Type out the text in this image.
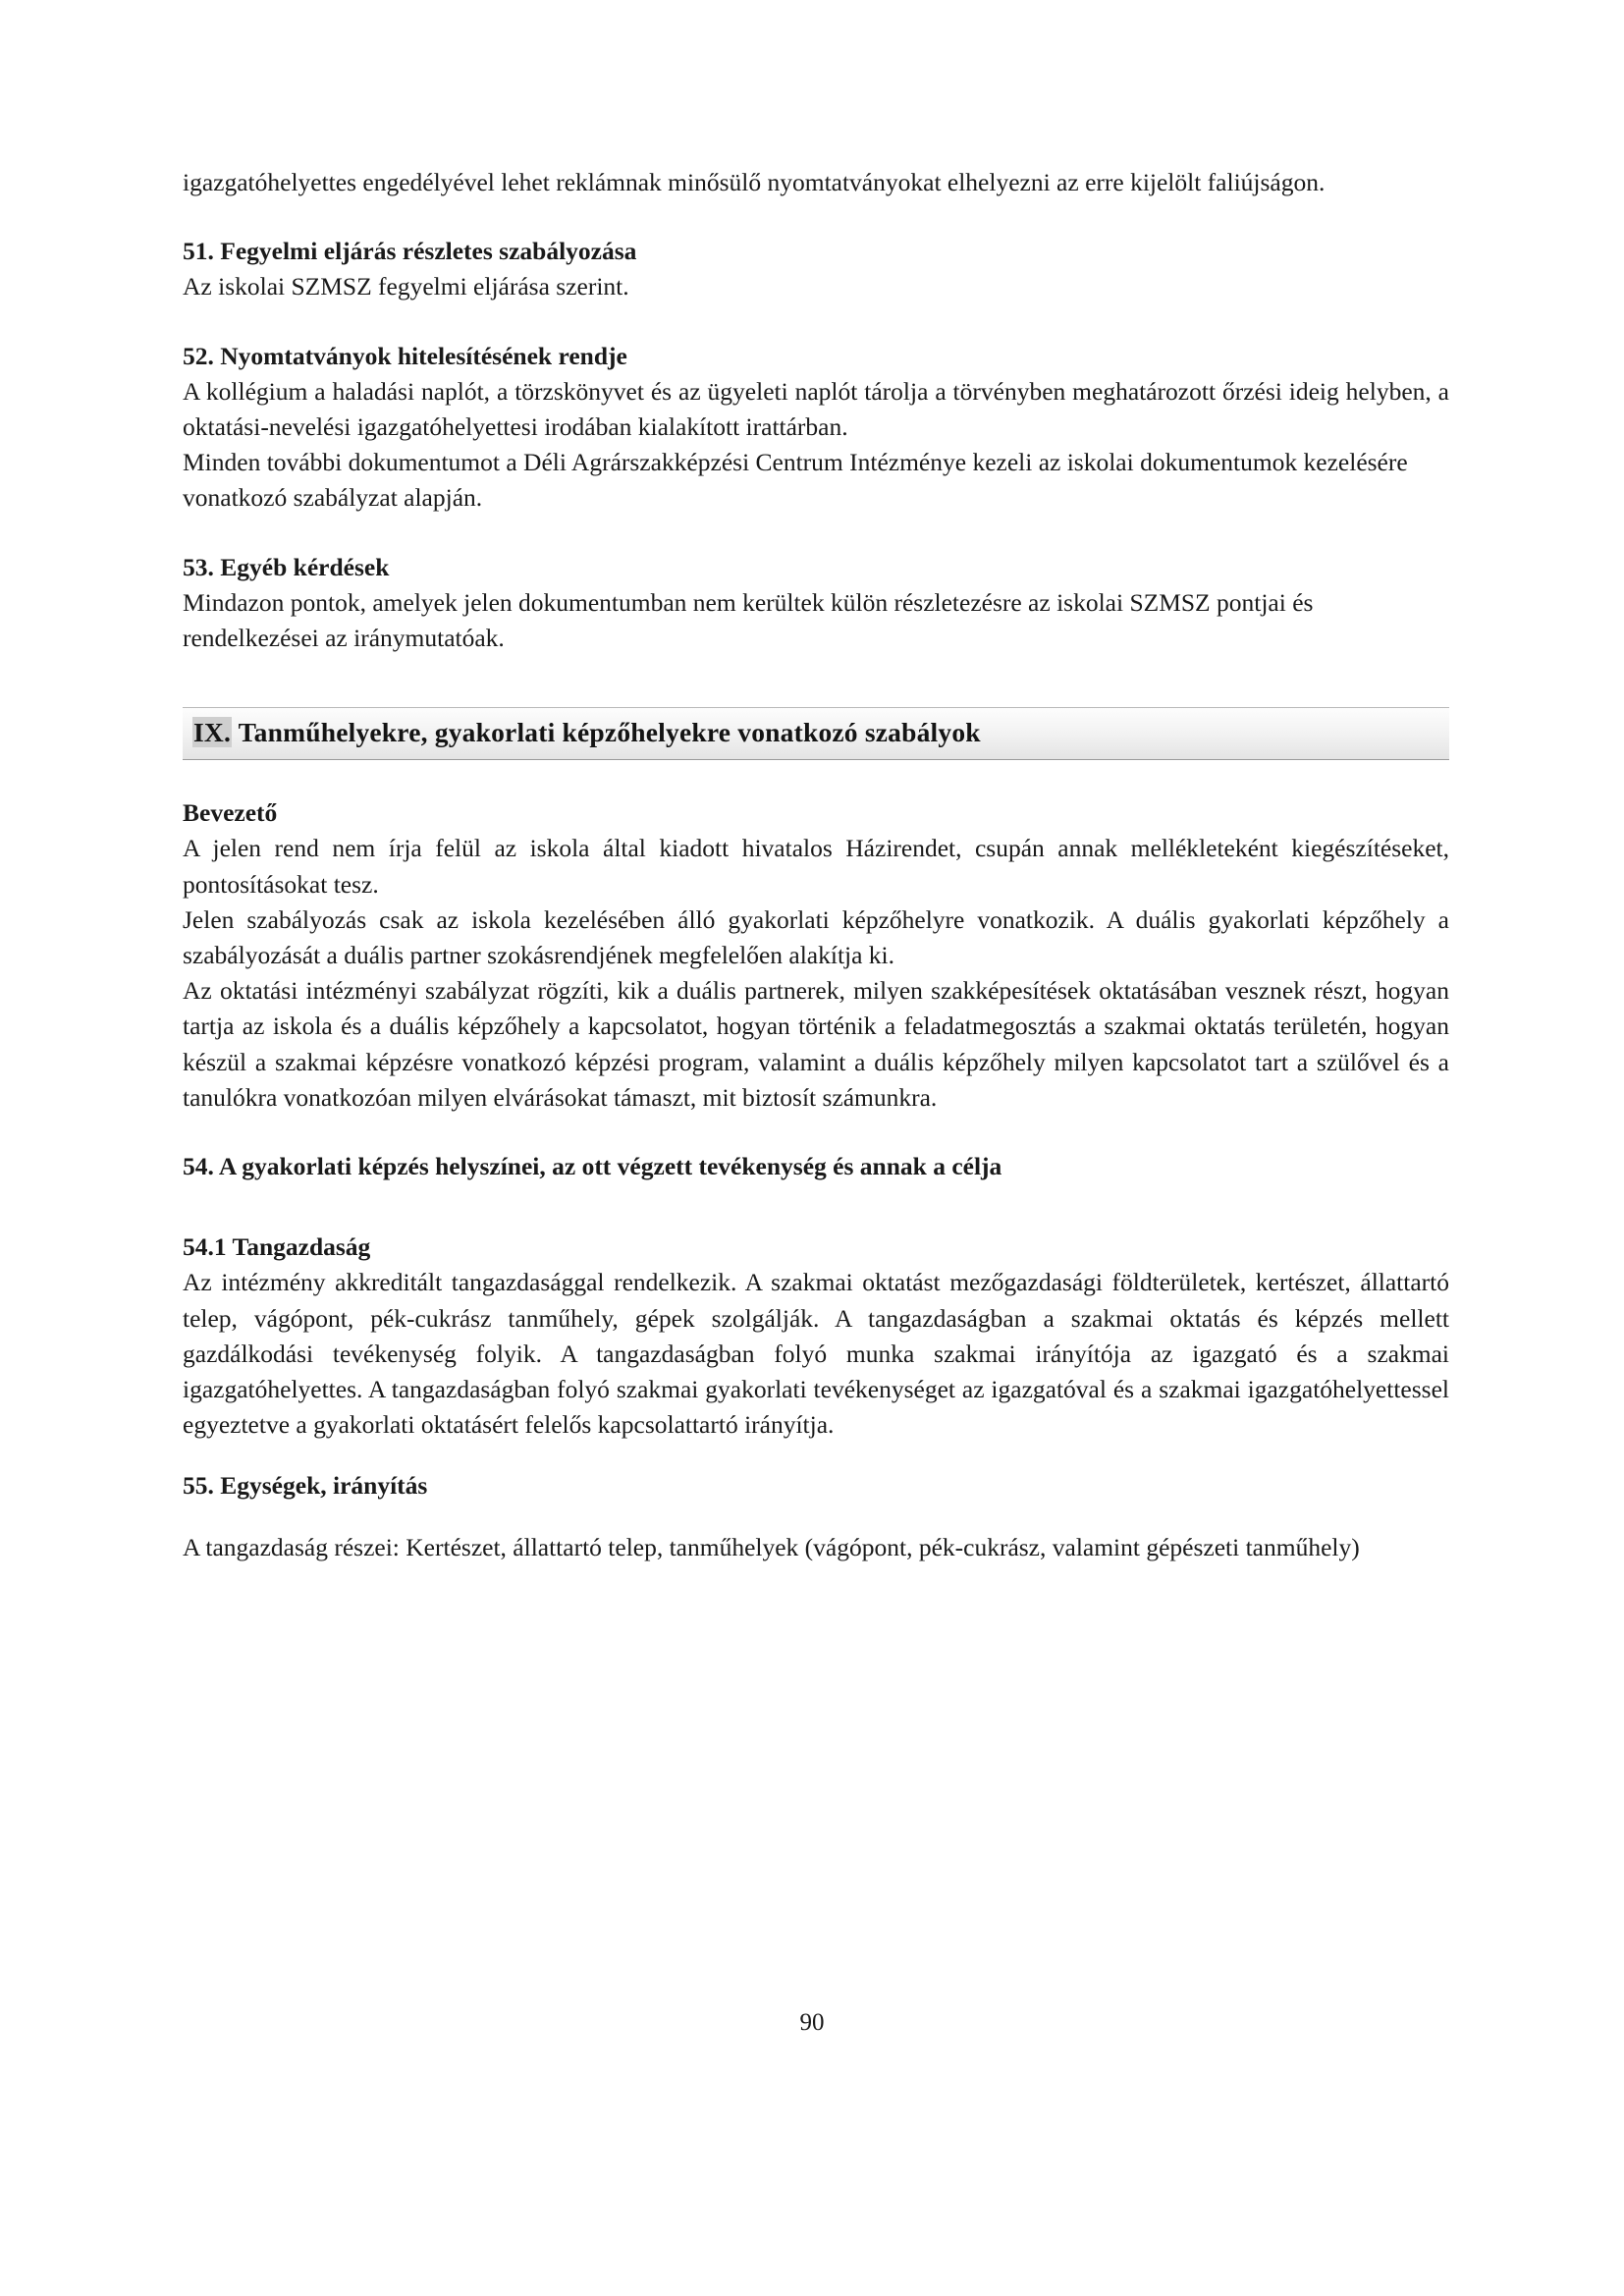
igazgatóhelyettes engedélyével lehet reklámnak minősülő nyomtatványokat elhelyezni az erre kijelölt faliújságon.

51. Fegyelmi eljárás részletes szabályozása

Az iskolai SZMSZ fegyelmi eljárása szerint.

52. Nyomtatványok hitelesítésének rendje

A kollégium a haladási naplót, a törzskönyvet és az ügyeleti naplót tárolja a törvényben meghatározott őrzési ideig helyben, a oktatási-nevelési igazgatóhelyettesi irodában kialakított irattárban.

Minden további dokumentumot a Déli Agrárszakképzési Centrum Intézménye kezeli az iskolai dokumentumok kezelésére vonatkozó szabályzat alapján.

53. Egyéb kérdések

Mindazon pontok, amelyek jelen dokumentumban nem kerültek külön részletezésre az iskolai SZMSZ pontjai és rendelkezései az iránymutatóak.

IX. Tanműhelyekre, gyakorlati képzőhelyekre vonatkozó szabályok
Bevezető

A jelen rend nem írja felül az iskola által kiadott hivatalos Házirendet, csupán annak mellékleteként kiegészítéseket, pontosításokat tesz.

Jelen szabályozás csak az iskola kezelésében álló gyakorlati képzőhelyre vonatkozik. A duális gyakorlati képzőhely a szabályozását a duális partner szokásrendjének megfelelően alakítja ki.

Az oktatási intézményi szabályzat rögzíti, kik a duális partnerek, milyen szakképesítések oktatásában vesznek részt, hogyan tartja az iskola és a duális képzőhely a kapcsolatot, hogyan történik a feladatmegosztás a szakmai oktatás területén, hogyan készül a szakmai képzésre vonatkozó képzési program, valamint a duális képzőhely milyen kapcsolatot tart a szülővel és a tanulókra vonatkozóan milyen elvárásokat támaszt, mit biztosít számunkra.

54. A gyakorlati képzés helyszínei, az ott végzett tevékenység és annak a célja
54.1 Tangazdaság

Az intézmény akkreditált tangazdasággal rendelkezik. A szakmai oktatást mezőgazdasági földterületek, kertészet, állattartó telep, vágópont, pék-cukrász tanműhely, gépek szolgálják. A tangazdaságban a szakmai oktatás és képzés mellett gazdálkodási tevékenység folyik. A tangazdaságban folyó munka szakmai irányítója az igazgató és a szakmai igazgatóhelyettes. A tangazdaságban folyó szakmai gyakorlati tevékenységet az igazgatóval és a szakmai igazgatóhelyettessel egyeztetve a gyakorlati oktatásért felelős kapcsolattartó irányítja.

55. Egységek, irányítás

A tangazdaság részei: Kertészet, állattartó telep, tanműhelyek (vágópont, pék-cukrász, valamint gépészeti tanműhely)

90
